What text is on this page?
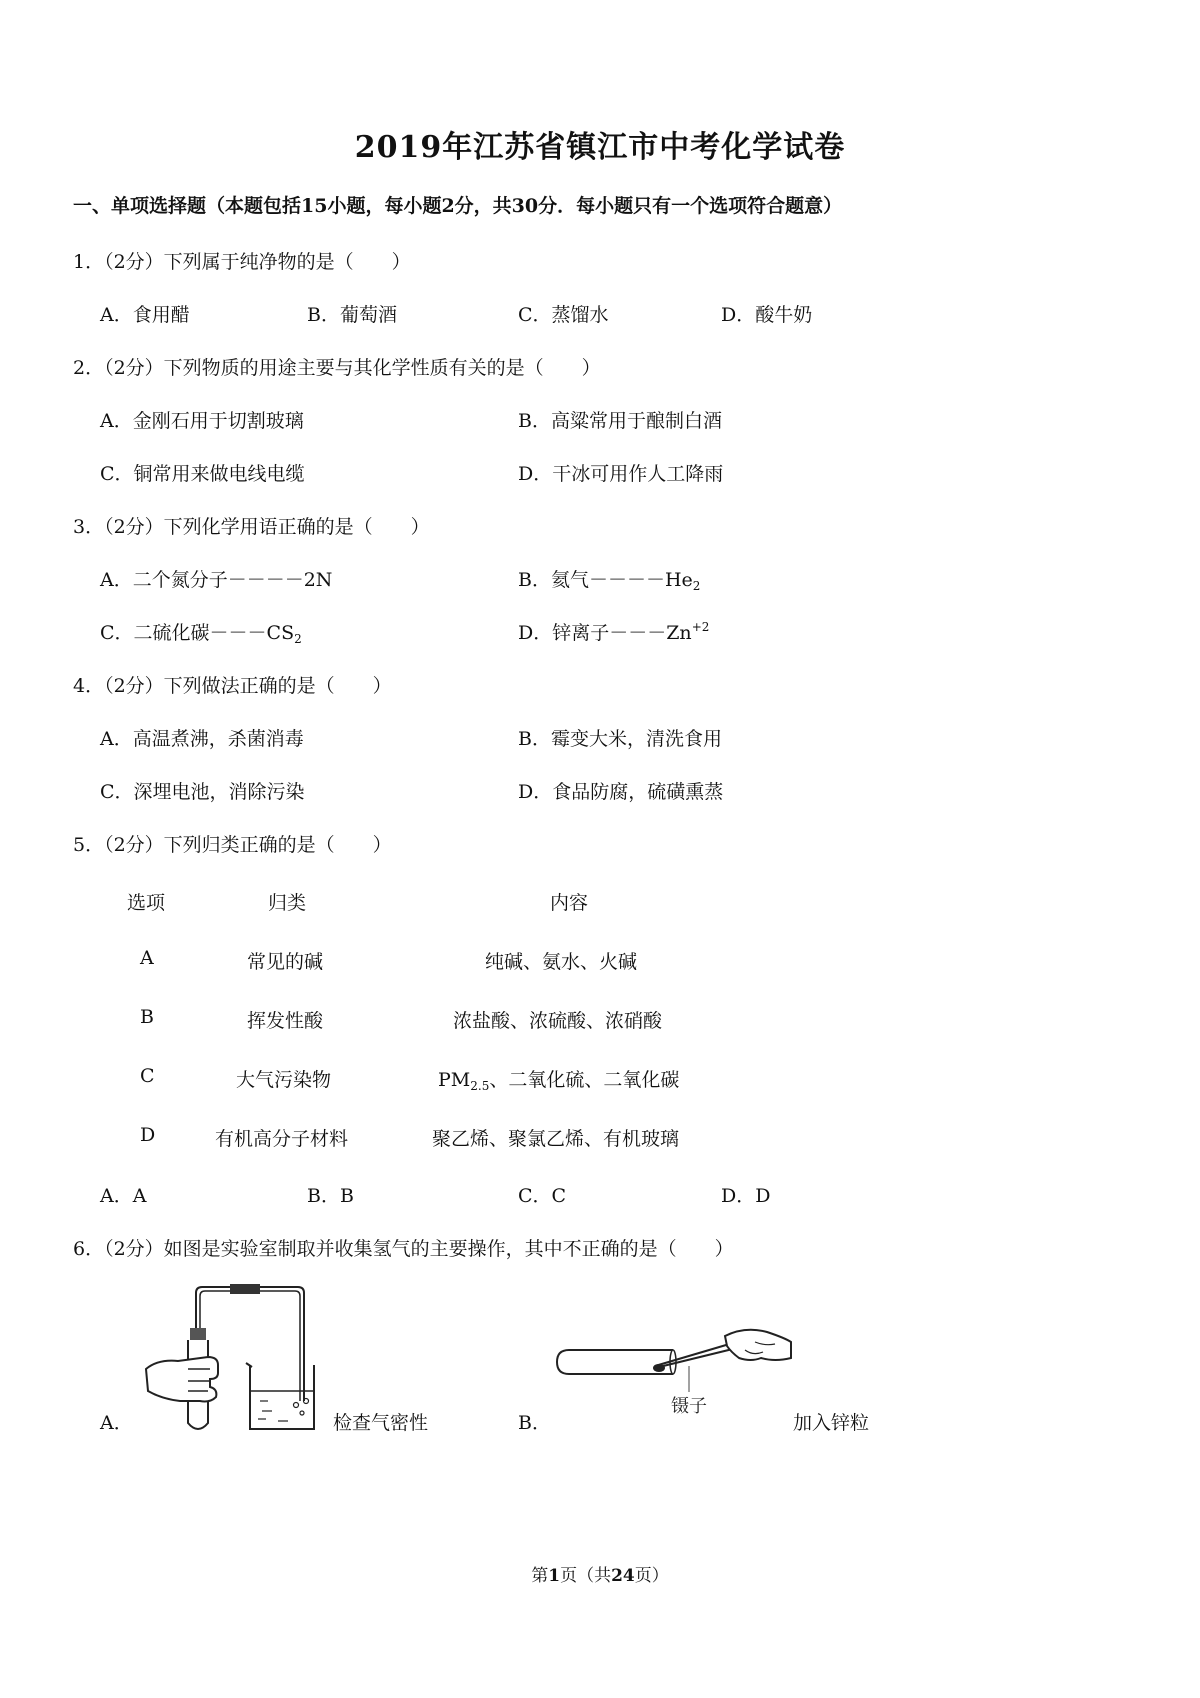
2019年江苏省镇江市中考化学试卷
一、单项选择题（本题包括15小题，每小题2分，共30分．每小题只有一个选项符合题意）
1．（2分）下列属于纯净物的是（　　）
A．食用醋	B．葡萄酒	C．蒸馏水	D．酸牛奶
2．（2分）下列物质的用途主要与其化学性质有关的是（　　）
A．金刚石用于切割玻璃	B．高粱常用于酿制白酒
C．铜常用来做电线电缆	D．干冰可用作人工降雨
3．（2分）下列化学用语正确的是（　　）
A．二个氮分子－－－－2N	B．氦气$----He_2$
C．二硫化碳$---CS_2$	D．锌离子$---Zn^{+2}$
4．（2分）下列做法正确的是（　　）
A．高温煮沸，杀菌消毒	B．霉变大米，清洗食用
C．深埋电池，消除污染	D．食品防腐，硫磺熏蒸
5．（2分）下列归类正确的是（　　）
选项	归类	内容
A	常见的碱	纯碱、氨水、火碱
B	挥发性酸	浓盐酸、浓硫酸、浓硝酸
C	大气污染物	$PM_{2.5}$、二氧化硫、二氧化碳
D	有机高分子材料	聚乙烯、聚氯乙烯、有机玻璃
A．A	B．B	C．C	D．D
6．（2分）如图是实验室制取并收集氢气的主要操作，其中不正确的是（　　）
A．	检查气密性	B．
镊子
加入锌粒
第1页（共24页）
